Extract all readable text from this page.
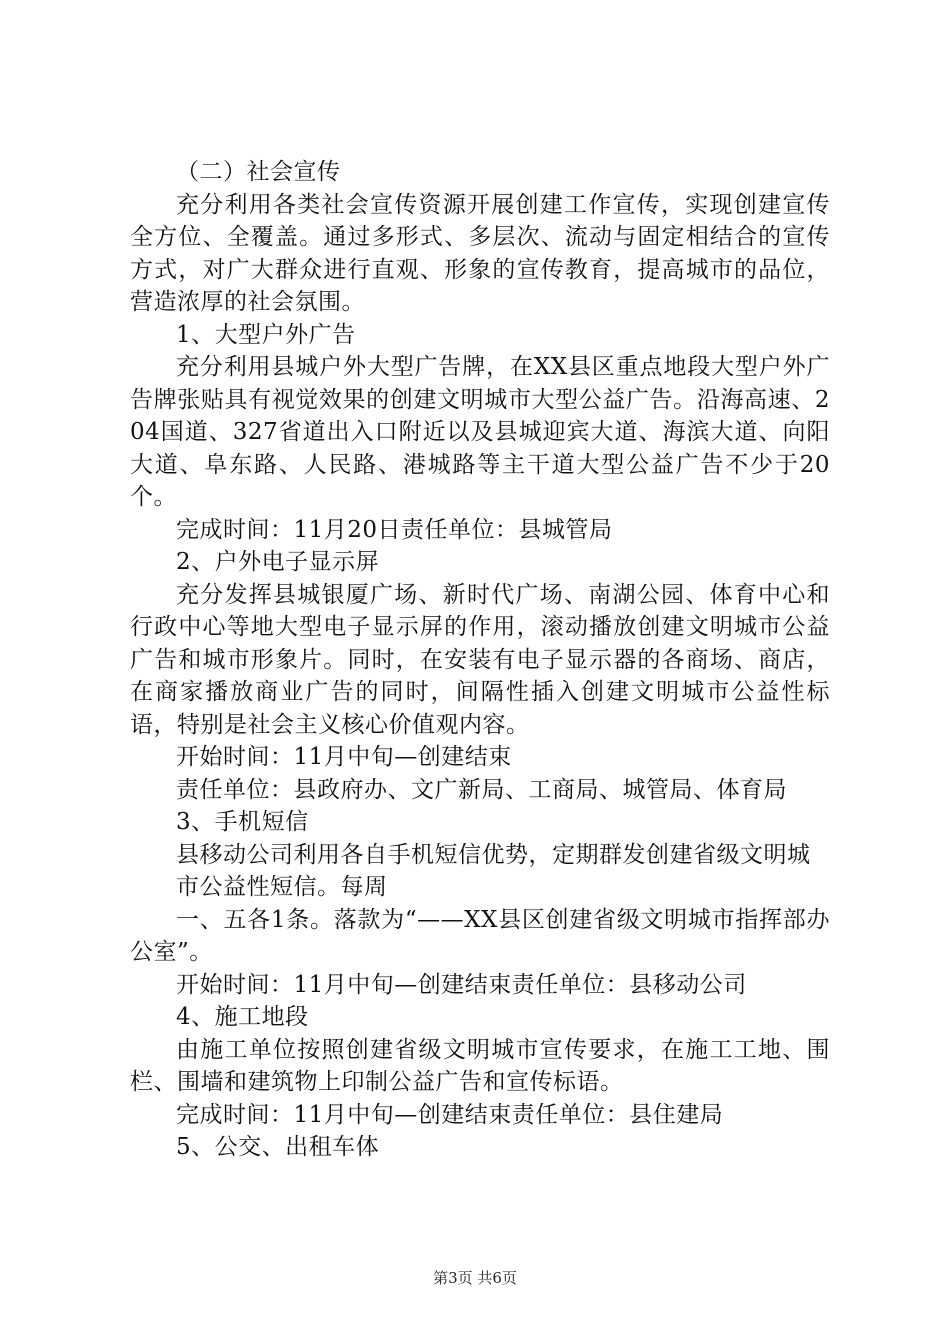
（二）社会宣传

充分利用各类社会宣传资源开展创建工作宣传，实现创建宣传全方位、全覆盖。通过多形式、多层次、流动与固定相结合的宣传方式，对广大群众进行直观、形象的宣传教育，提高城市的品位，营造浓厚的社会氛围。

1、大型户外广告

充分利用县城户外大型广告牌，在XX县区重点地段大型户外广告牌张贴具有视觉效果的创建文明城市大型公益广告。沿海高速、204国道、327省道出入口附近以及县城迎宾大道、海滨大道、向阳大道、阜东路、人民路、港城路等主干道大型公益广告不少于20个。

完成时间：11月20日责任单位：县城管局

2、户外电子显示屏

充分发挥县城银厦广场、新时代广场、南湖公园、体育中心和行政中心等地大型电子显示屏的作用，滚动播放创建文明城市公益广告和城市形象片。同时，在安装有电子显示器的各商场、商店，在商家播放商业广告的同时，间隔性插入创建文明城市公益性标语，特别是社会主义核心价值观内容。

开始时间：11月中旬—创建结束

责任单位：县政府办、文广新局、工商局、城管局、体育局

3、手机短信

县移动公司利用各自手机短信优势，定期群发创建省级文明城

市公益性短信。每周

一、五各1条。落款为“——XX县区创建省级文明城市指挥部办公室”。

开始时间：11月中旬—创建结束责任单位：县移动公司

4、施工地段

由施工单位按照创建省级文明城市宣传要求，在施工工地、围栏、围墙和建筑物上印制公益广告和宣传标语。

完成时间：11月中旬—创建结束责任单位：县住建局

5、公交、出租车体

第3页 共6页
